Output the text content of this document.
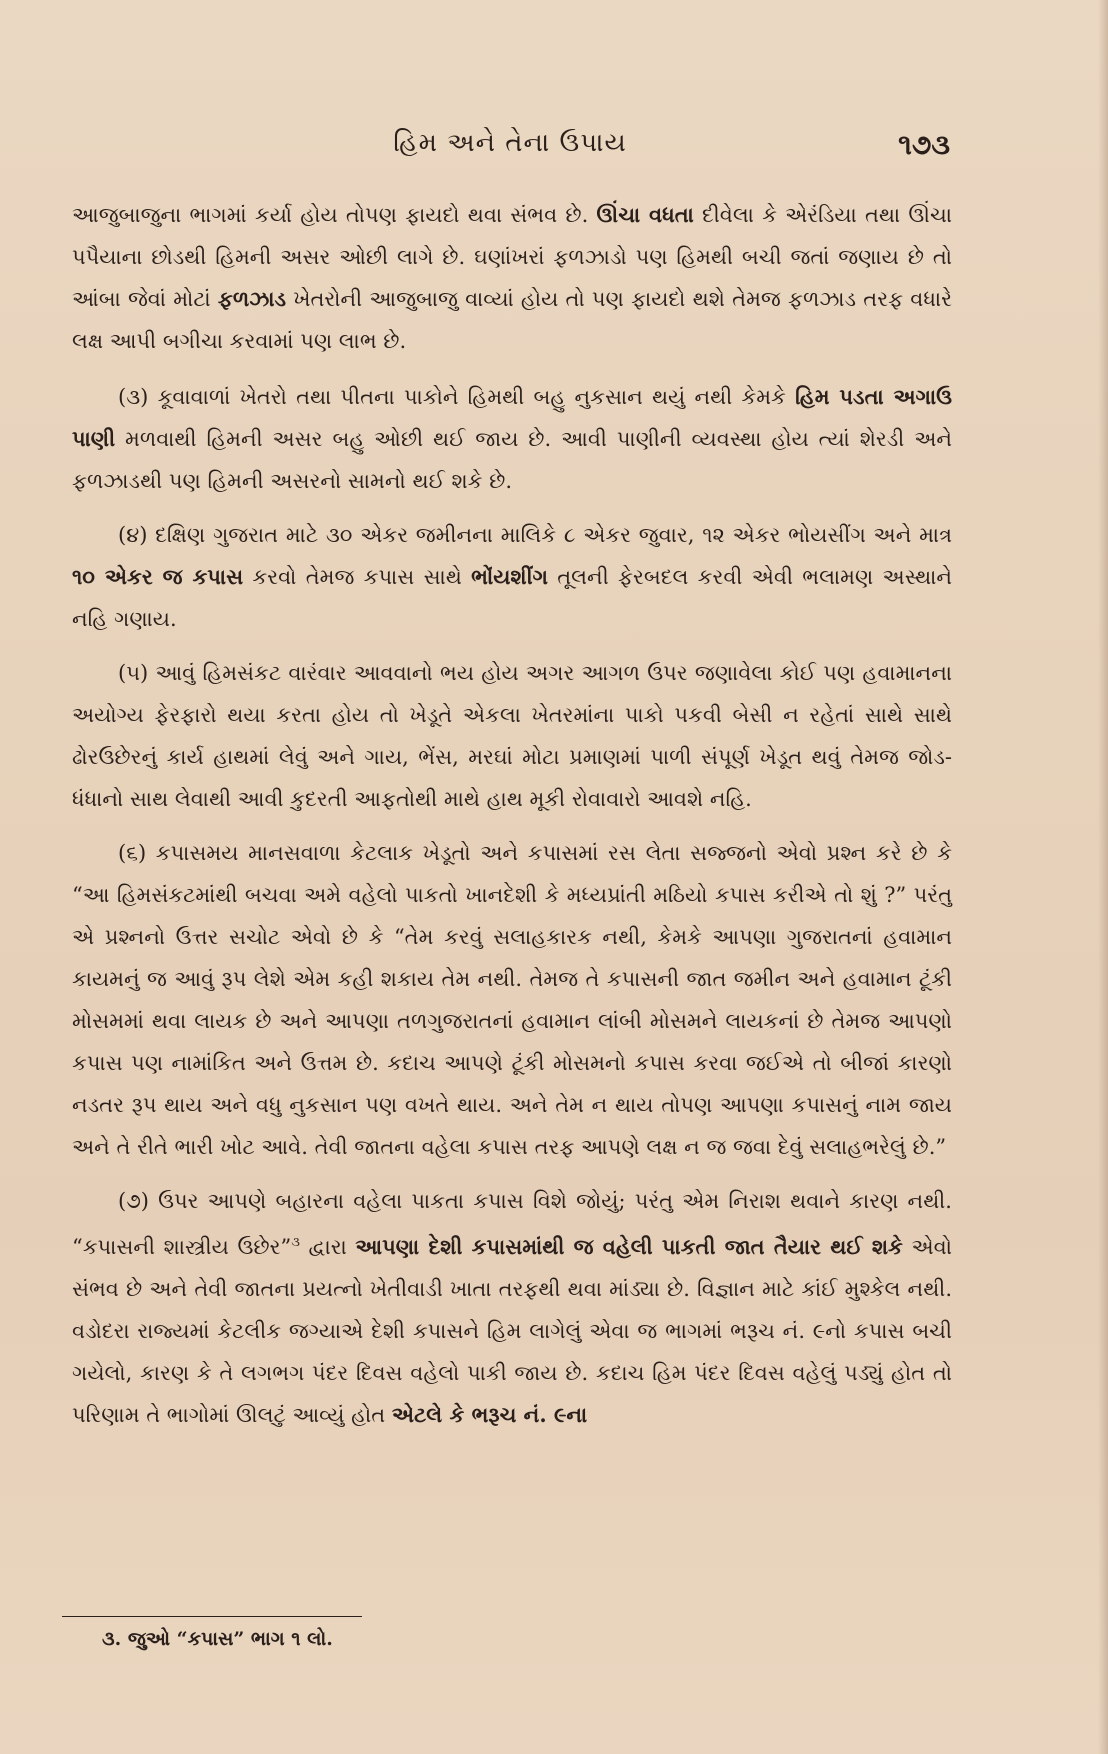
હિમ અને તેના ઉપાય	૧૭૩

આજુબાજુના ભાગમાં કર્યા હોય તોપણ ફાયદો થવા સંભવ છે. ઊંચા વધતા દીવેલા કે એરંડિયા તથા ઊંચા પપૈયાના છોડથી હિમની અસર ઓછી લાગે છે. ઘણાંખરાં ફળઝાડો પણ હિમથી બચી જતાં જણાય છે તો આંબા જેવાં મોટાં ફળઝાડ ખેતરોની આજુબાજુ વાવ્યાં હોય તો પણ ફાયદો થશે તેમજ ફળઝાડ તરફ વધારે લક્ષ આપી બગીચા કરવામાં પણ લાભ છે.

(૩) કૂવાવાળાં ખેતરો તથા પીતના પાકોને હિમથી બહુ નુકસાન થયું નથી કેમકે હિમ પડતા અગાઉ પાણી મળવાથી હિમની અસર બહુ ઓછી થઈ જાય છે. આવી પાણીની વ્યવસ્થા હોય ત્યાં શેરડી અને ફળઝાડથી પણ હિમની અસરનો સામનો થઈ શકે છે.

(૪) દક્ષિણ ગુજરાત માટે ૩૦ એકર જમીનના માલિકે ૮ એકર જુવાર, ૧૨ એકર ભોયસીંગ અને માત્ર ૧૦ એકર જ કપાસ કરવો તેમજ કપાસ સાથે ભોંયશીંગ તૂલની ફેરબદલ કરવી એવી ભલામણ અસ્થાને નહિ ગણાય.

(૫) આવું હિમસંકટ વારંવાર આવવાનો ભય હોય અગર આગળ ઉપર જણાવેલા કોઈ પણ હવામાનના અયોગ્ય ફેરફારો થયા કરતા હોય તો ખેડૂતે એકલા ખેતરમાંના પાકો પકવી બેસી ન રહેતાં સાથે સાથે ઢોરઉછેરનું કાર્ય હાથમાં લેવું અને ગાય, ભેંસ, મરઘાં મોટા પ્રમાણમાં પાળી સંપૂર્ણ ખેડૂત થવું તેમજ જોડ-ધંધાનો સાથ લેવાથી આવી કુદરતી આફતોથી માથે હાથ મૂકી રોવાવારો આવશે નહિ.

(૬) કપાસમય માનસવાળા કેટલાક ખેડૂતો અને કપાસમાં રસ લેતા સજ્જનો એવો પ્રશ્ન કરે છે કે “આ હિમસંકટમાંથી બચવા અમે વહેલો પાકતો ખાનદેશી કે મધ્યપ્રાંતી મઠિયો કપાસ કરીએ તો શું ?” પરંતુ એ પ્રશ્નનો ઉત્તર સચોટ એવો છે કે “તેમ કરવું સલાહકારક નથી, કેમકે આપણા ગુજરાતનાં હવામાન કાયમનું જ આવું રૂપ લેશે એમ કહી શકાય તેમ નથી. તેમજ તે કપાસની જાત જમીન અને હવામાન ટૂંકી મોસમમાં થવા લાયક છે અને આપણા તળગુજરાતનાં હવામાન લાંબી મોસમને લાયકનાં છે તેમજ આપણો કપાસ પણ નામાંકિત અને ઉત્તમ છે. કદાચ આપણે ટૂંકી મોસમનો કપાસ કરવા જઈએ તો બીજાં કારણો નડતર રૂપ થાય અને વધુ નુકસાન પણ વખતે થાય. અને તેમ ન થાય તોપણ આપણા કપાસનું નામ જાય અને તે રીતે ભારી ખોટ આવે. તેવી જાતના વહેલા કપાસ તરફ આપણે લક્ષ ન જ જવા દેવું સલાહભરેલું છે.”

(૭) ઉપર આપણે બહારના વહેલા પાકતા કપાસ વિશે જોયું; પરંતુ એમ નિરાશ થવાને કારણ નથી. “કપાસની શાસ્ત્રીય ઉછેર”$^૩$ દ્વારા આપણા દેશી કપાસમાંથી જ વહેલી પાકતી જાત તૈયાર થઈ શકે એવો સંભવ છે અને તેવી જાતના પ્રયત્નો ખેતીવાડી ખાતા તરફથી થવા માંડ્યા છે. વિજ્ઞાન માટે કાંઈ મુશ્કેલ નથી. વડોદરા રાજ્યમાં કેટલીક જગ્યાએ દેશી કપાસને હિમ લાગેલું એવા જ ભાગમાં ભરૂચ નં. ૯નો કપાસ બચી ગયેલો, કારણ કે તે લગભગ પંદર દિવસ વહેલો પાકી જાય છે. કદાચ હિમ પંદર દિવસ વહેલું પડ્યું હોત તો પરિણામ તે ભાગોમાં ઊલટું આવ્યું હોત એટલે કે ભરૂચ નં. ૯ના

૩. જુઓ “કપાસ” ભાગ ૧ લો.
